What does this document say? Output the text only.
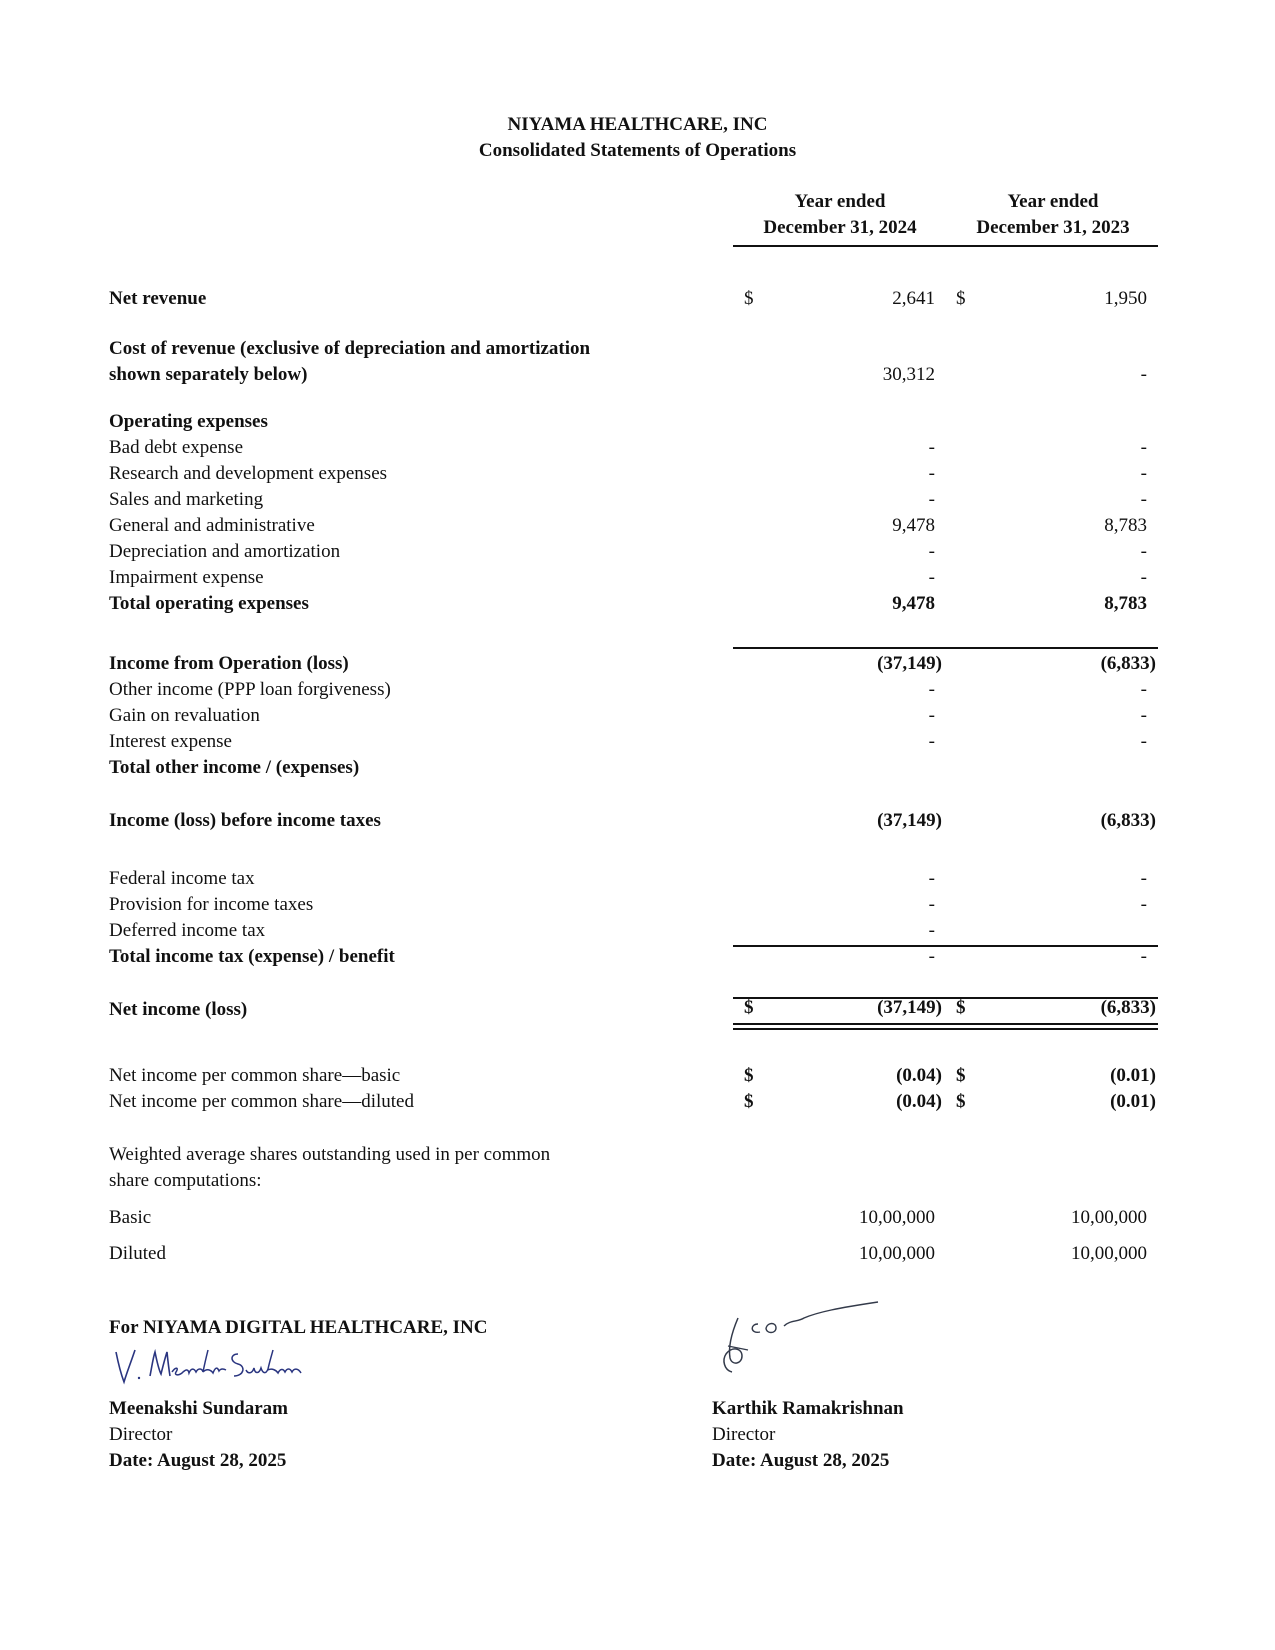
NIYAMA HEALTHCARE, INC
Consolidated Statements of Operations
Year ended
December 31, 2024
Year ended
December 31, 2023
Net revenue	$	2,641 $	1,950
Cost of revenue (exclusive of depreciation and amortization
shown separately below)	30,312	-
Operating expenses
Bad debt expense	-	-
Research and development expenses	-	-
Sales and marketing	-	-
General and administrative	9,478	8,783
Depreciation and amortization	-	-
Impairment expense	-	-
Total operating expenses	9,478	8,783
Income from Operation (loss)	(37,149)	(6,833)
Other income (PPP loan forgiveness)	-	-
Gain on revaluation	-	-
Interest expense	-	-
Total other income / (expenses)
Income (loss) before income taxes	(37,149)	(6,833)
Federal income tax	-	-
Provision for income taxes	-	-
Deferred income tax	-
Total income tax (expense) / benefit	-	-
Net income (loss)	$	(37,149) $	(6,833)
Net income per common share—basic	$	(0.04) $	(0.01)
Net income per common share—diluted	$	(0.04) $	(0.01)
Weighted average shares outstanding used in per common
share computations:
Basic	10,00,000	10,00,000
Diluted	10,00,000	10,00,000
For NIYAMA DIGITAL HEALTHCARE, INC
Meenakshi Sundaram
Director
Date: August 28, 2025
Karthik Ramakrishnan
Director
Date: August 28, 2025
